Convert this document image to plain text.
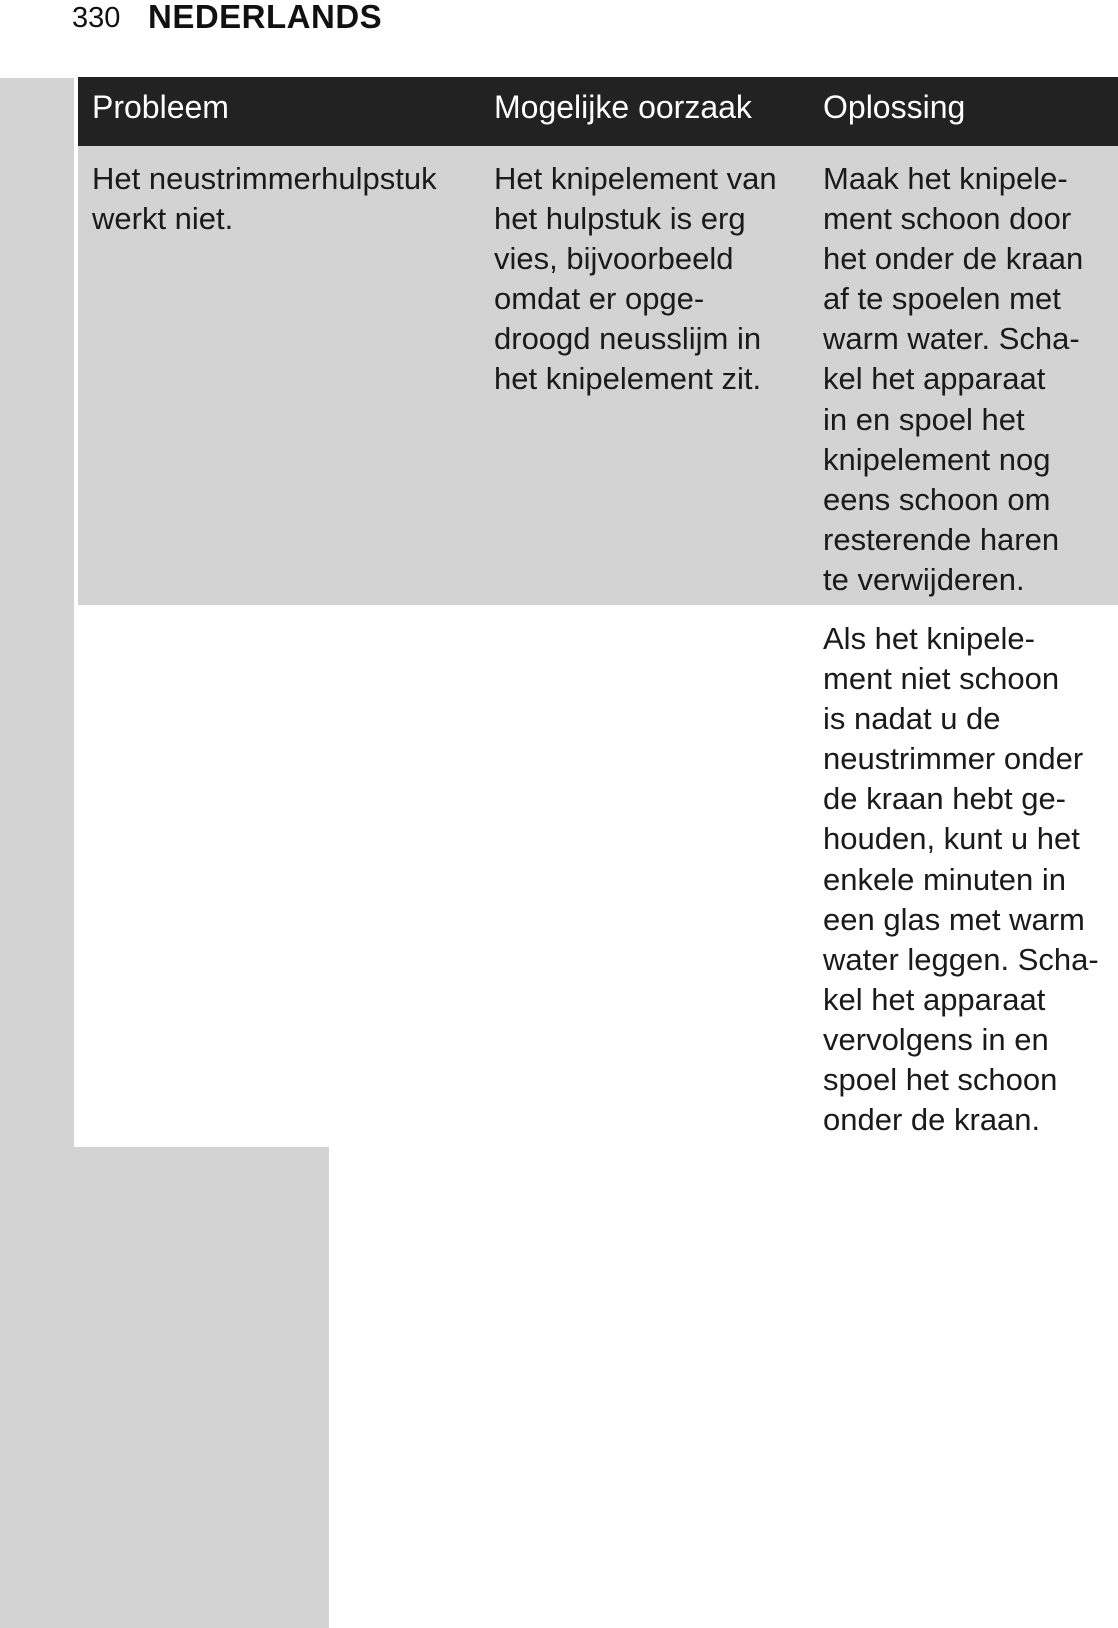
330 NEDERLANDS
Probleem	Mogelijke oorzaak Oplossing
Het neustrimmerhulpstuk
werkt niet.
Het knipelement van
het hulpstuk is erg
vies, bijvoorbeeld
omdat er opge-
droogd neusslijm in
het knipelement zit.
Maak het knipele-
ment schoon door
het onder de kraan
af te spoelen met
warm water. Scha-
kel het apparaat
in en spoel het
knipelement nog
eens schoon om
resterende haren
te verwijderen.
Als het knipele-
ment niet schoon
is nadat u de
neustrimmer onder
de kraan hebt ge-
houden, kunt u het
enkele minuten in
een glas met warm
water leggen. Scha-
kel het apparaat
vervolgens in en
spoel het schoon
onder de kraan.
